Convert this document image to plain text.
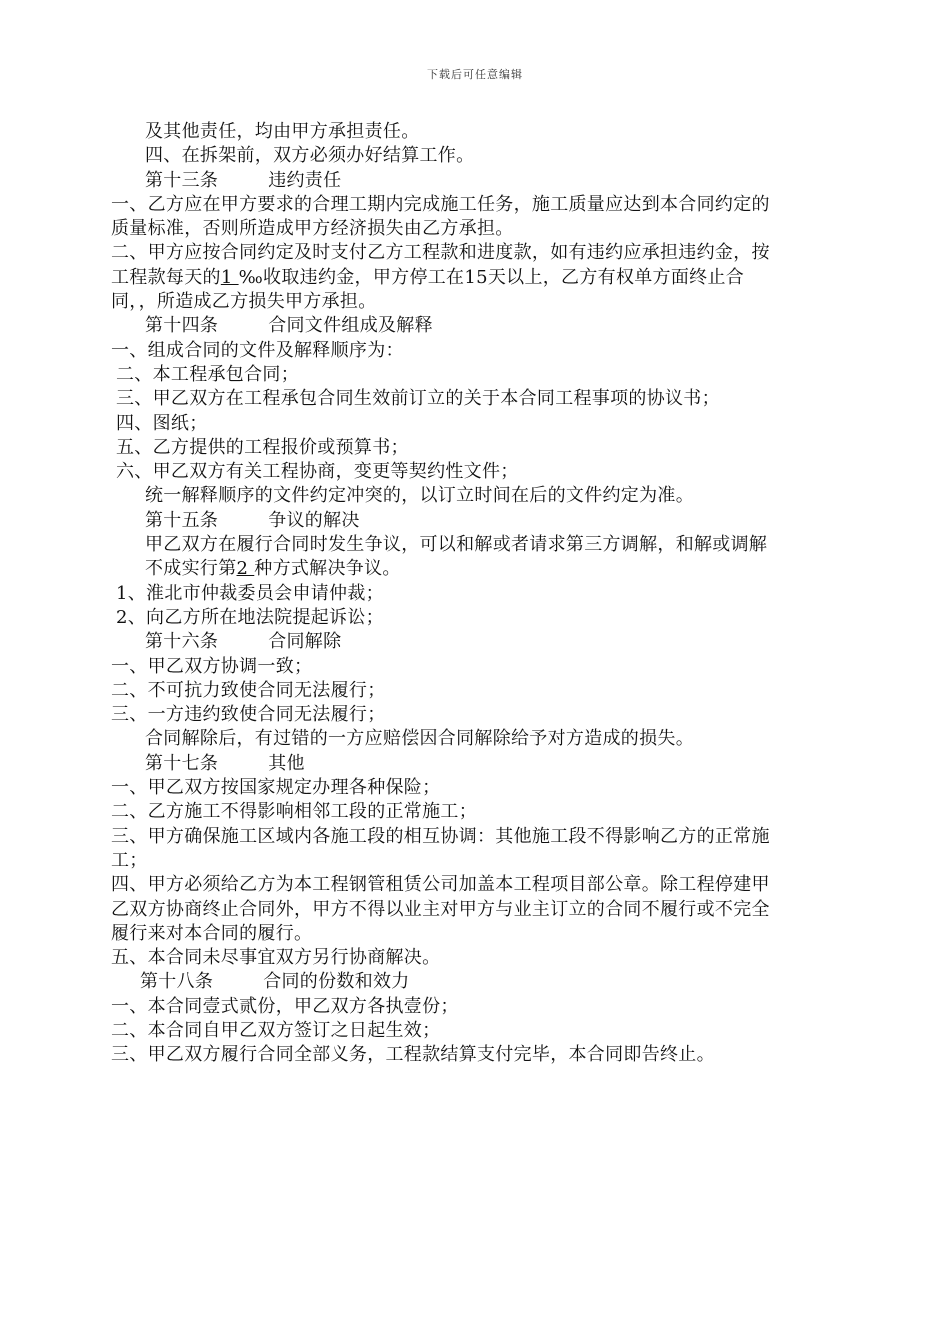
下载后可任意编辑
及其他责任，均由甲方承担责任。
四、在拆架前，双方必须办好结算工作。
第十三条	违约责任
一、乙方应在甲方要求的合理工期内完成施工任务，施工质量应达到本合同约定的
质量标准，否则所造成甲方经济损失由乙方承担。
二、甲方应按合同约定及时支付乙方工程款和进度款，如有违约应承担违约金，按
工程款每天的1 ‰收取违约金，甲方停工在15天以上，乙方有权单方面终止合
同，，所造成乙方损失甲方承担。
第十四条	合同文件组成及解释
一、组成合同的文件及解释顺序为：
二、本工程承包合同；
三、甲乙双方在工程承包合同生效前订立的关于本合同工程事项的协议书；
四、图纸；
五、乙方提供的工程报价或预算书；
六、甲乙双方有关工程协商，变更等契约性文件；
统一解释顺序的文件约定冲突的，以订立时间在后的文件约定为准。
第十五条	争议的解决
甲乙双方在履行合同时发生争议，可以和解或者请求第三方调解，和解或调解
不成实行第2 种方式解决争议。
1、淮北市仲裁委员会申请仲裁；
2、向乙方所在地法院提起诉讼；
第十六条	合同解除
一、甲乙双方协调一致；
二、不可抗力致使合同无法履行；
三、一方违约致使合同无法履行；
合同解除后，有过错的一方应赔偿因合同解除给予对方造成的损失。
第十七条	其他
一、甲乙双方按国家规定办理各种保险；
二、乙方施工不得影响相邻工段的正常施工；
三、甲方确保施工区域内各施工段的相互协调：其他施工段不得影响乙方的正常施
工；
四、甲方必须给乙方为本工程钢管租赁公司加盖本工程项目部公章。除工程停建甲
乙双方协商终止合同外，甲方不得以业主对甲方与业主订立的合同不履行或不完全
履行来对本合同的履行。
五、本合同未尽事宜双方另行协商解决。
第十八条	合同的份数和效力
一、本合同壹式贰份，甲乙双方各执壹份；
二、本合同自甲乙双方签订之日起生效；
三、甲乙双方履行合同全部义务，工程款结算支付完毕，本合同即告终止。
